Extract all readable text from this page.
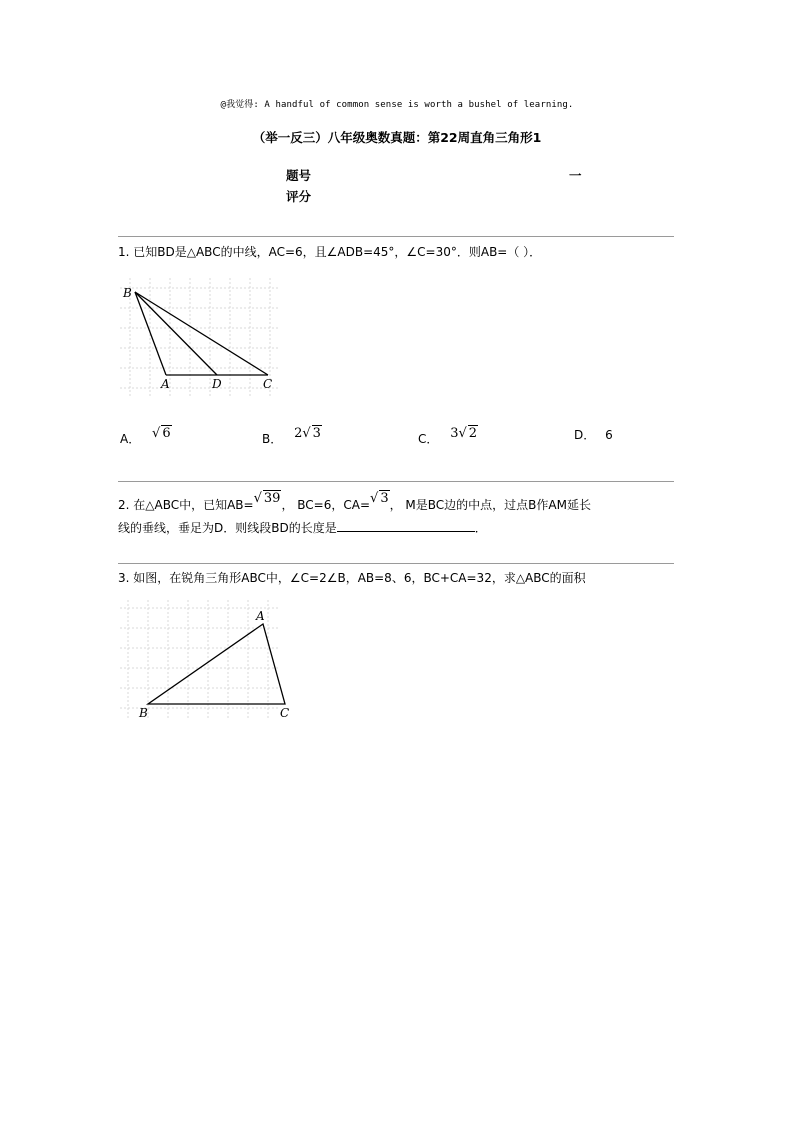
@我觉得: A handful of common sense is worth a bushel of learning.
（举一反三）八年级奥数真题：第22周直角三角形1
题号
评分
一
1. 已知BD是△ABC的中线，AC=6，且∠ADB=45°，∠C=30°．则AB=（ ）．
B
A	D	C
A． √ 6	B． 2√ 3	C． 3√ 2	D． 6
2. 在△ABC中，已知AB=√ 39， BC=6，CA=√ 3， M是BC边的中点，过点B作AM延长
线的垂线，垂足为D．则线段BD的长度是	．
3. 如图，在锐角三角形ABC中，∠C=2∠B，AB=8、6，BC+CA=32，求△ABC的面积
A
B	C
